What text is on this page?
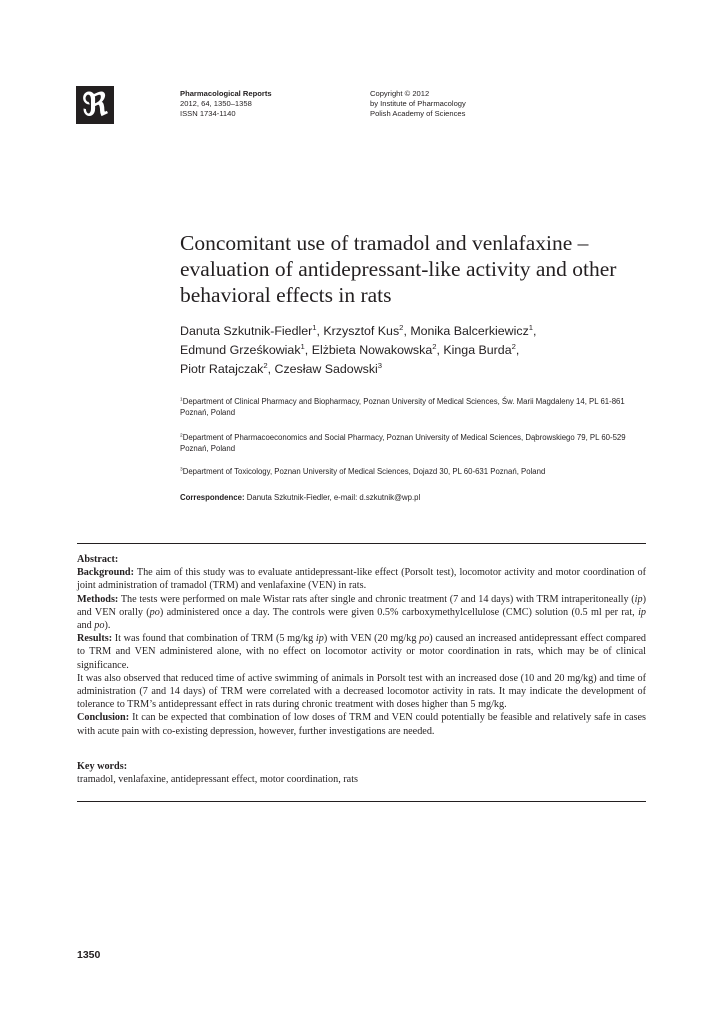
ℜ	Pharmacological Reports
2012, 64, 1350–1358
ISSN 1734-1140
Copyright © 2012
by Institute of Pharmacology
Polish Academy of Sciences
Concomitant use of tramadol and venlafaxine – evaluation of antidepressant-like activity and other behavioral effects in rats
Danuta Szkutnik-Fiedler$^1$, Krzysztof Kus$^2$, Monika Balcerkiewicz$^1$,
Edmund Grześkowiak$^1$, Elżbieta Nowakowska$^2$, Kinga Burda$^2$,
Piotr Ratajczak$^2$, Czesław Sadowski$^3$
$^1$Department of Clinical Pharmacy and Biopharmacy, Poznan University of Medical Sciences, Św. Marii Magdaleny 14, PL 61-861 Poznań, Poland
$^2$Department of Pharmacoeconomics and Social Pharmacy, Poznan University of Medical Sciences, Dąbrowskiego 79, PL 60-529 Poznań, Poland
$^3$Department of Toxicology, Poznan University of Medical Sciences, Dojazd 30, PL 60-631 Poznań, Poland
Correspondence: Danuta Szkutnik-Fiedler, e-mail: d.szkutnik@wp.pl

Abstract:

Background: The aim of this study was to evaluate antidepressant-like effect (Porsolt test), locomotor activity and motor coordination of joint administration of tramadol (TRM) and venlafaxine (VEN) in rats.

Methods: The tests were performed on male Wistar rats after single and chronic treatment (7 and 14 days) with TRM intraperitoneally (ip) and VEN orally (po) administered once a day. The controls were given 0.5% carboxymethylcellulose (CMC) solution (0.5 ml per rat, ip and po).

Results: It was found that combination of TRM (5 mg/kg ip) with VEN (20 mg/kg po) caused an increased antidepressant effect compared to TRM and VEN administered alone, with no effect on locomotor activity or motor coordination in rats, which may be of clinical significance.

It was also observed that reduced time of active swimming of animals in Porsolt test with an increased dose (10 and 20 mg/kg) and time of administration (7 and 14 days) of TRM were correlated with a decreased locomotor activity in rats. It may indicate the development of tolerance to TRM’s antidepressant effect in rats during chronic treatment with doses higher than 5 mg/kg.

Conclusion: It can be expected that combination of low doses of TRM and VEN could potentially be feasible and relatively safe in cases with acute pain with co-existing depression, however, further investigations are needed.

Key words:

tramadol, venlafaxine, antidepressant effect, motor coordination, rats

1350
